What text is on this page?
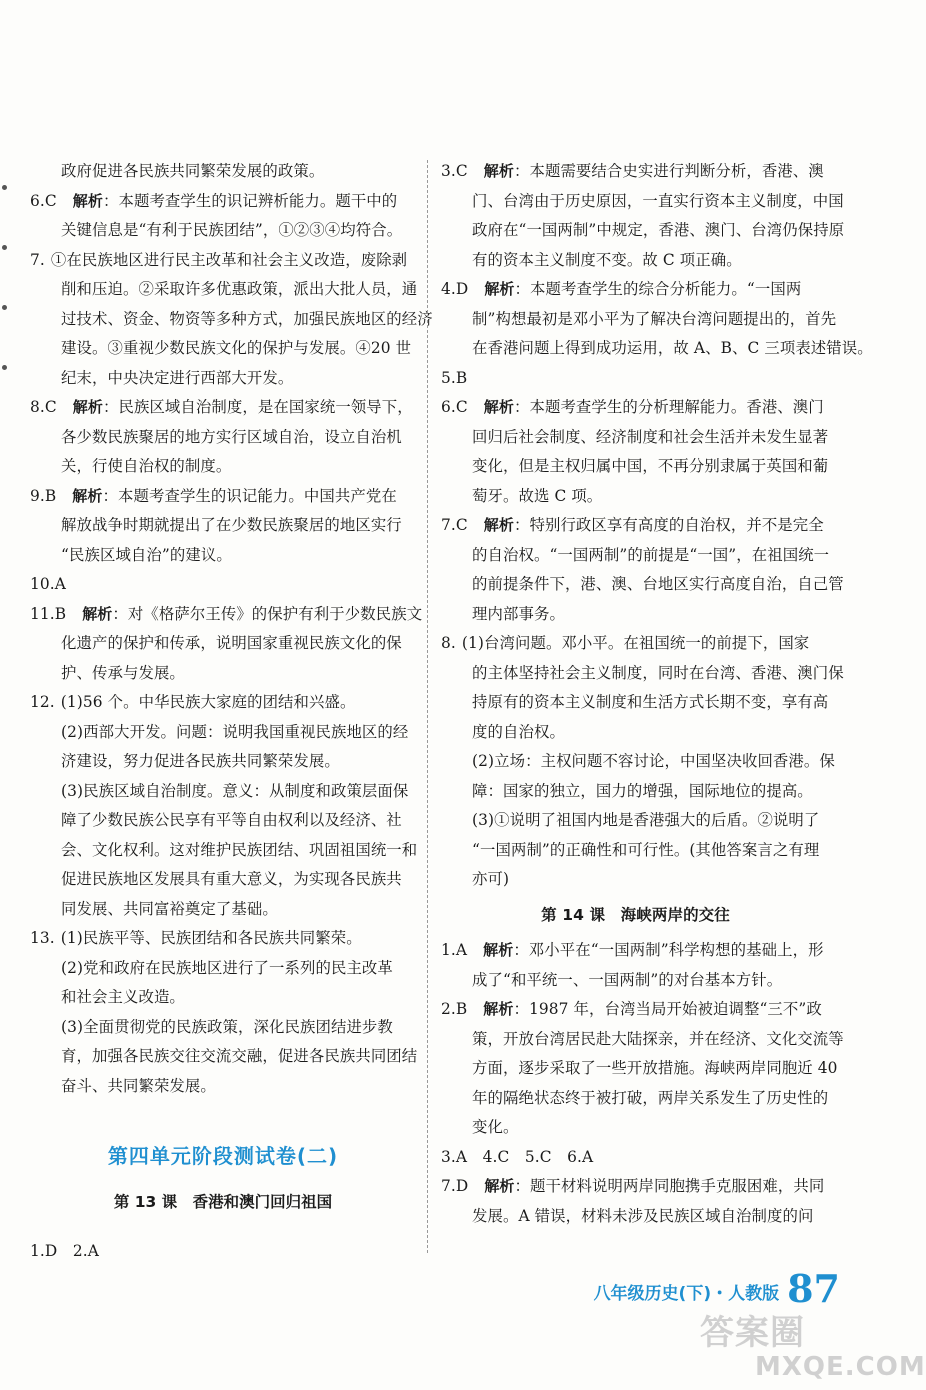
政府促进各民族共同繁荣发展的政策。
6.C 解析：本题考查学生的识记辨析能力。题干中的
关键信息是“有利于民族团结”，①②③④均符合。
7. ①在民族地区进行民主改革和社会主义改造，废除剥
削和压迫。②采取许多优惠政策，派出大批人员，通
过技术、资金、物资等多种方式，加强民族地区的经济
建设。③重视少数民族文化的保护与发展。④20 世
纪末，中央决定进行西部大开发。
8.C 解析：民族区域自治制度，是在国家统一领导下，
各少数民族聚居的地方实行区域自治，设立自治机
关，行使自治权的制度。
9.B 解析：本题考查学生的识记能力。中国共产党在
解放战争时期就提出了在少数民族聚居的地区实行
“民族区域自治”的建议。
10.A
11.B 解析：对《格萨尔王传》的保护有利于少数民族文
化遗产的保护和传承，说明国家重视民族文化的保
护、传承与发展。
12. (1)56 个。中华民族大家庭的团结和兴盛。
(2)西部大开发。问题：说明我国重视民族地区的经
济建设，努力促进各民族共同繁荣发展。
(3)民族区域自治制度。意义：从制度和政策层面保
障了少数民族公民享有平等自由权利以及经济、社
会、文化权利。这对维护民族团结、巩固祖国统一和
促进民族地区发展具有重大意义，为实现各民族共
同发展、共同富裕奠定了基础。
13. (1)民族平等、民族团结和各民族共同繁荣。
(2)党和政府在民族地区进行了一系列的民主改革
和社会主义改造。
(3)全面贯彻党的民族政策，深化民族团结进步教
育，加强各民族交往交流交融，促进各民族共同团结
奋斗、共同繁荣发展。
3.C 解析：本题需要结合史实进行判断分析，香港、澳
门、台湾由于历史原因，一直实行资本主义制度，中国
政府在“一国两制”中规定，香港、澳门、台湾仍保持原
有的资本主义制度不变。故 C 项正确。
4.D 解析：本题考查学生的综合分析能力。“一国两
制”构想最初是邓小平为了解决台湾问题提出的，首先
在香港问题上得到成功运用，故 A、B、C 三项表述错误。
5.B
6.C 解析：本题考查学生的分析理解能力。香港、澳门
回归后社会制度、经济制度和社会生活并未发生显著
变化，但是主权归属中国，不再分别隶属于英国和葡
萄牙。故选 C 项。
7.C 解析：特别行政区享有高度的自治权，并不是完全
的自治权。“一国两制”的前提是“一国”，在祖国统一
的前提条件下，港、澳、台地区实行高度自治，自己管
理内部事务。
8. (1)台湾问题。邓小平。在祖国统一的前提下，国家
的主体坚持社会主义制度，同时在台湾、香港、澳门保
持原有的资本主义制度和生活方式长期不变，享有高
度的自治权。
(2)立场：主权问题不容讨论，中国坚决收回香港。保
障：国家的独立，国力的增强，国际地位的提高。
(3)①说明了祖国内地是香港强大的后盾。②说明了
“一国两制”的正确性和可行性。(其他答案言之有理
亦可)
第 14 课　海峡两岸的交往
1.A 解析：邓小平在“一国两制”科学构想的基础上，形
成了“和平统一、一国两制”的对台基本方针。
2.B 解析：1987 年，台湾当局开始被迫调整“三不”政
策，开放台湾居民赴大陆探亲，并在经济、文化交流等
方面，逐步采取了一些开放措施。海峡两岸同胞近 40
年的隔绝状态终于被打破，两岸关系发生了历史性的
变化。
3.A　4.C　5.C　6.A
7.D 解析：题干材料说明两岸同胞携手克服困难，共同
发展。A 错误，材料未涉及民族区域自治制度的问
第四单元阶段测试卷(二)
第 13 课　香港和澳门回归祖国
1.D　2.A
八年级历史(下)・人教版 87
答案圈
MXQE.COM
